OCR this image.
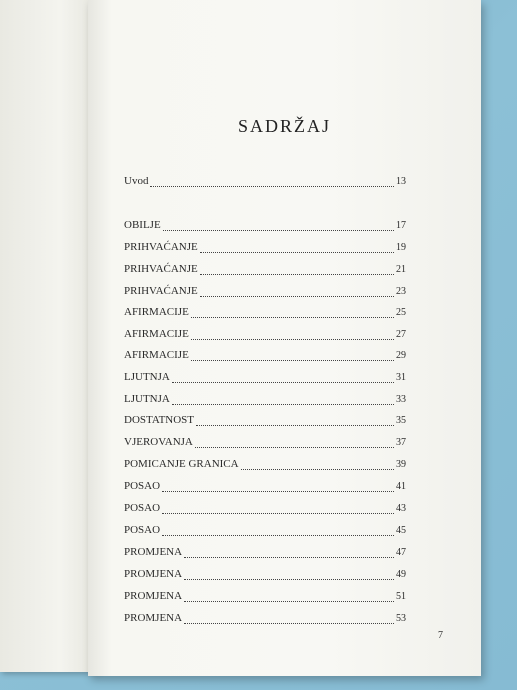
SADRŽAJ
Uvod	13
OBILJE	17
PRIHVAĆANJE	19
PRIHVAĆANJE	21
PRIHVAĆANJE	23
AFIRMACIJE	25
AFIRMACIJE	27
AFIRMACIJE	29
LJUTNJA	31
LJUTNJA	33
DOSTATNOST	35
VJEROVANJA	37
POMICANJE GRANICA	39
POSAO	41
POSAO	43
POSAO	45
PROMJENA	47
PROMJENA	49
PROMJENA	51
PROMJENA	53
7
